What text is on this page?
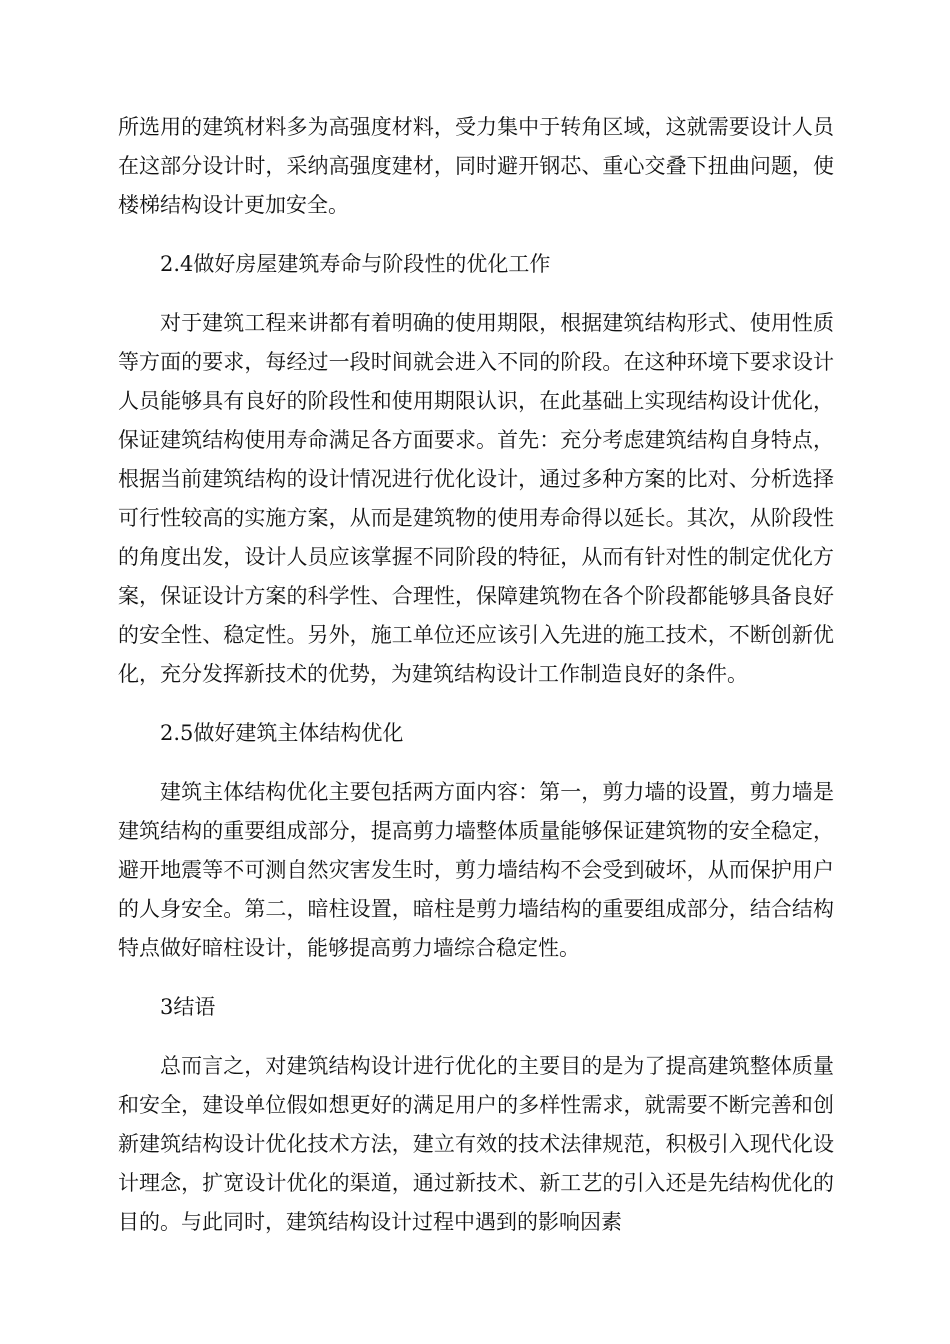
所选用的建筑材料多为高强度材料，受力集中于转角区域，这就需要设计人员在这部分设计时，采纳高强度建材，同时避开钢芯、重心交叠下扭曲问题，使楼梯结构设计更加安全。

2.4做好房屋建筑寿命与阶段性的优化工作

对于建筑工程来讲都有着明确的使用期限，根据建筑结构形式、使用性质等方面的要求，每经过一段时间就会进入不同的阶段。在这种环境下要求设计人员能够具有良好的阶段性和使用期限认识，在此基础上实现结构设计优化，保证建筑结构使用寿命满足各方面要求。首先：充分考虑建筑结构自身特点，根据当前建筑结构的设计情况进行优化设计，通过多种方案的比对、分析选择可行性较高的实施方案，从而是建筑物的使用寿命得以延长。其次，从阶段性的角度出发，设计人员应该掌握不同阶段的特征，从而有针对性的制定优化方案，保证设计方案的科学性、合理性，保障建筑物在各个阶段都能够具备良好的安全性、稳定性。另外，施工单位还应该引入先进的施工技术，不断创新优化，充分发挥新技术的优势，为建筑结构设计工作制造良好的条件。

2.5做好建筑主体结构优化

建筑主体结构优化主要包括两方面内容：第一，剪力墙的设置，剪力墙是建筑结构的重要组成部分，提高剪力墙整体质量能够保证建筑物的安全稳定，避开地震等不可测自然灾害发生时，剪力墙结构不会受到破坏，从而保护用户的人身安全。第二，暗柱设置，暗柱是剪力墙结构的重要组成部分，结合结构特点做好暗柱设计，能够提高剪力墙综合稳定性。

3结语

总而言之，对建筑结构设计进行优化的主要目的是为了提高建筑整体质量和安全，建设单位假如想更好的满足用户的多样性需求，就需要不断完善和创新建筑结构设计优化技术方法，建立有效的技术法律规范，积极引入现代化设计理念，扩宽设计优化的渠道，通过新技术、新工艺的引入还是先结构优化的目的。与此同时，建筑结构设计过程中遇到的影响因素
